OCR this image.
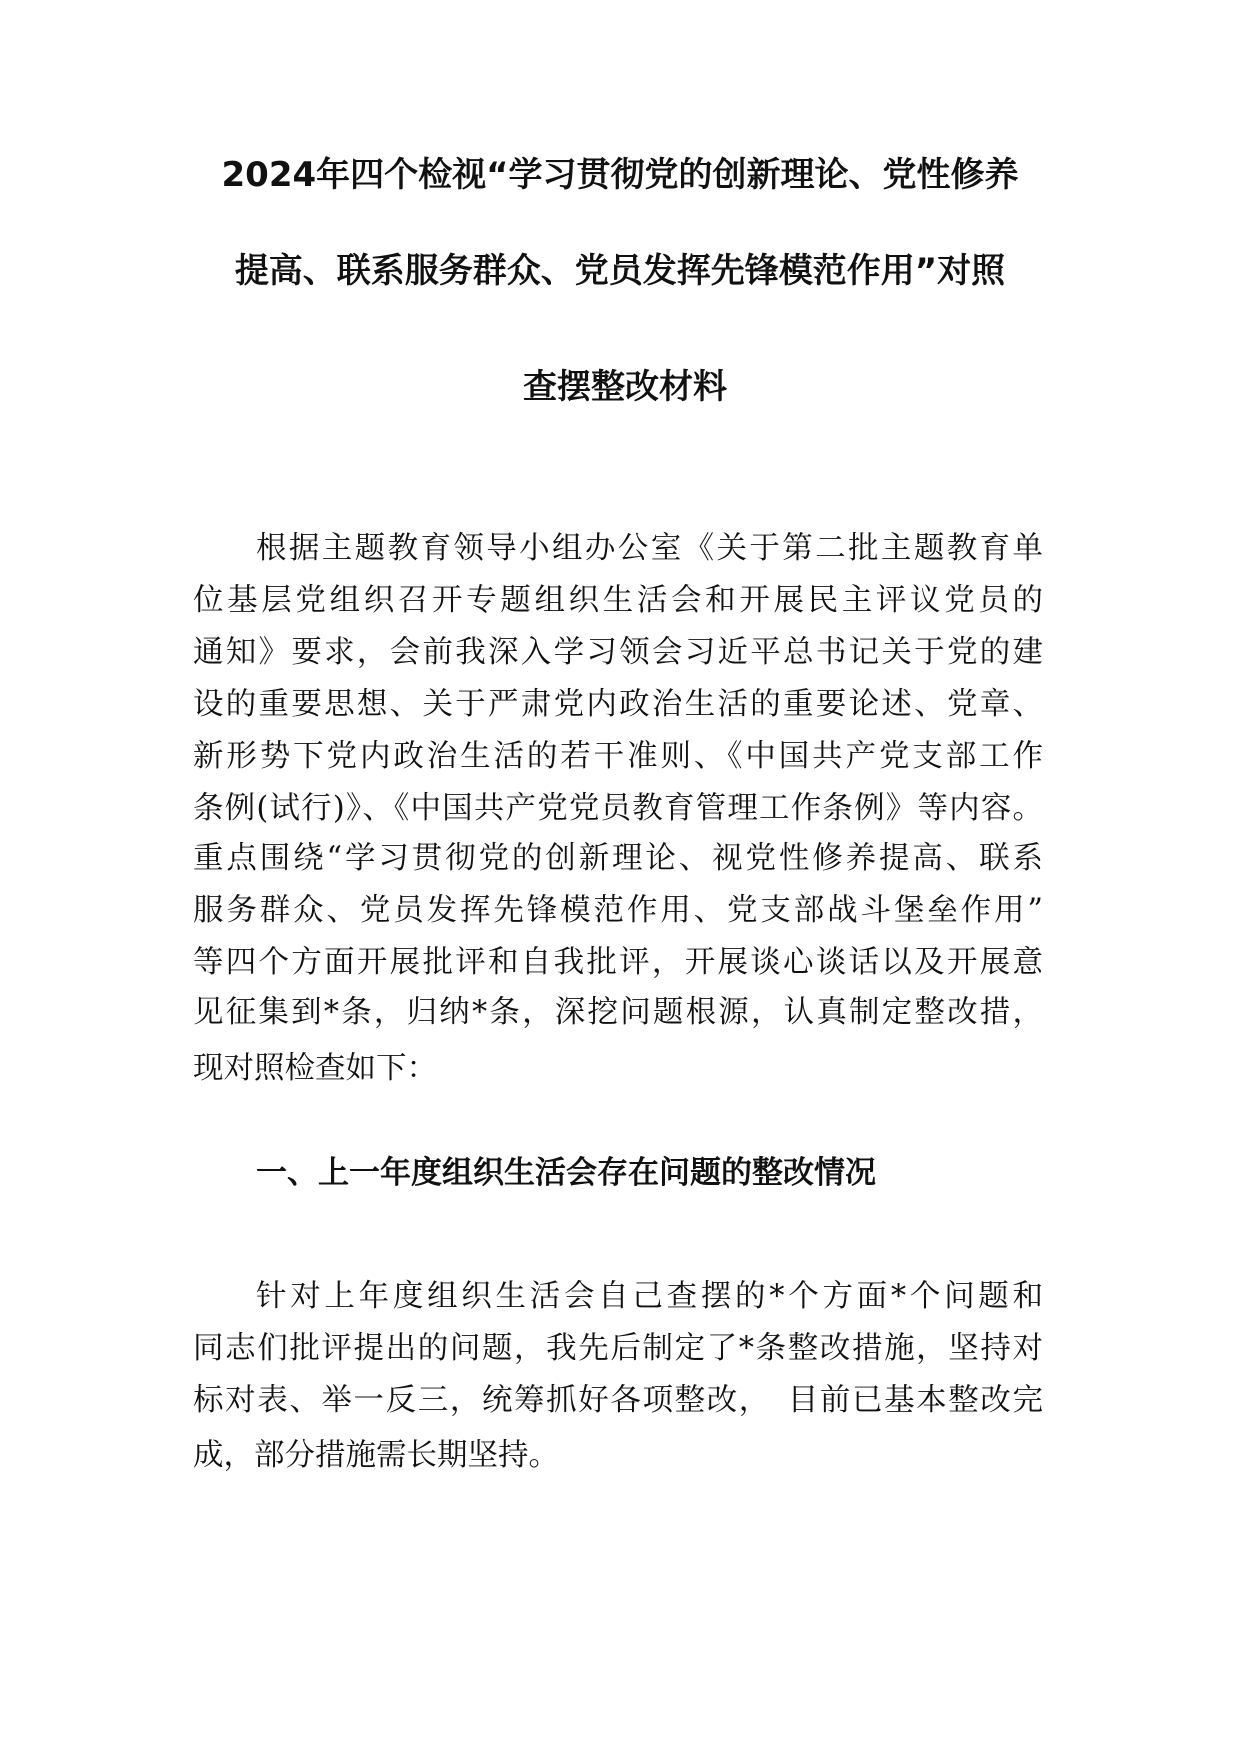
2024年四个检视“学习贯彻党的创新理论、党性修养
提高、联系服务群众、党员发挥先锋模范作用”对照
查摆整改材料
根据主题教育领导小组办公室《关于第二批主题教育单
位基层党组织召开专题组织生活会和开展民主评议党员的
通知》要求，会前我深入学习领会习近平总书记关于党的建
设的重要思想、关于严肃党内政治生活的重要论述、党章、
新形势下党内政治生活的若干准则、《中国共产党支部工作
条例(试行)》、《中国共产党党员教育管理工作条例》等内容。
重点围绕“学习贯彻党的创新理论、视党性修养提高、联系
服务群众、党员发挥先锋模范作用、党支部战斗堡垒作用”
等四个方面开展批评和自我批评，开展谈心谈话以及开展意
见征集到*条，归纳*条，深挖问题根源，认真制定整改措，
现对照检查如下：
一、上一年度组织生活会存在问题的整改情况
针对上年度组织生活会自己查摆的*个方面*个问题和
同志们批评提出的问题，我先后制定了*条整改措施，坚持对
标对表、举一反三，统筹抓好各项整改，　目前已基本整改完
成，部分措施需长期坚持。
